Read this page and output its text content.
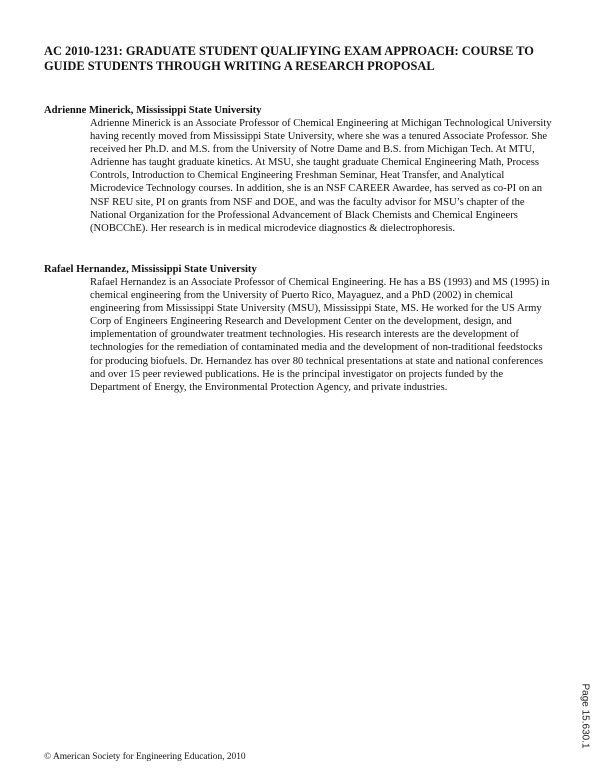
AC 2010-1231: GRADUATE STUDENT QUALIFYING EXAM APPROACH: COURSE TO GUIDE STUDENTS THROUGH WRITING A RESEARCH PROPOSAL

Adrienne Minerick, Mississippi State University

Adrienne Minerick is an Associate Professor of Chemical Engineering at Michigan Technological University having recently moved from Mississippi State University, where she was a tenured Associate Professor. She received her Ph.D. and M.S. from the University of Notre Dame and B.S. from Michigan Tech. At MTU, Adrienne has taught graduate kinetics. At MSU, she taught graduate Chemical Engineering Math, Process Controls, Introduction to Chemical Engineering Freshman Seminar, Heat Transfer, and Analytical Microdevice Technology courses. In addition, she is an NSF CAREER Awardee, has served as co-PI on an NSF REU site, PI on grants from NSF and DOE, and was the faculty advisor for MSU’s chapter of the National Organization for the Professional Advancement of Black Chemists and Chemical Engineers (NOBCChE). Her research is in medical microdevice diagnostics & dielectrophoresis.

Rafael Hernandez, Mississippi State University

Rafael Hernandez is an Associate Professor of Chemical Engineering. He has a BS (1993) and MS (1995) in chemical engineering from the University of Puerto Rico, Mayaguez, and a PhD (2002) in chemical engineering from Mississippi State University (MSU), Mississippi State, MS. He worked for the US Army Corp of Engineers Engineering Research and Development Center on the development, design, and implementation of groundwater treatment technologies. His research interests are the development of technologies for the remediation of contaminated media and the development of non-traditional feedstocks for producing biofuels. Dr. Hernandez has over 80 technical presentations at state and national conferences and over 15 peer reviewed publications. He is the principal investigator on projects funded by the Department of Energy, the Environmental Protection Agency, and private industries.

Page 15.630.1
© American Society for Engineering Education, 2010
